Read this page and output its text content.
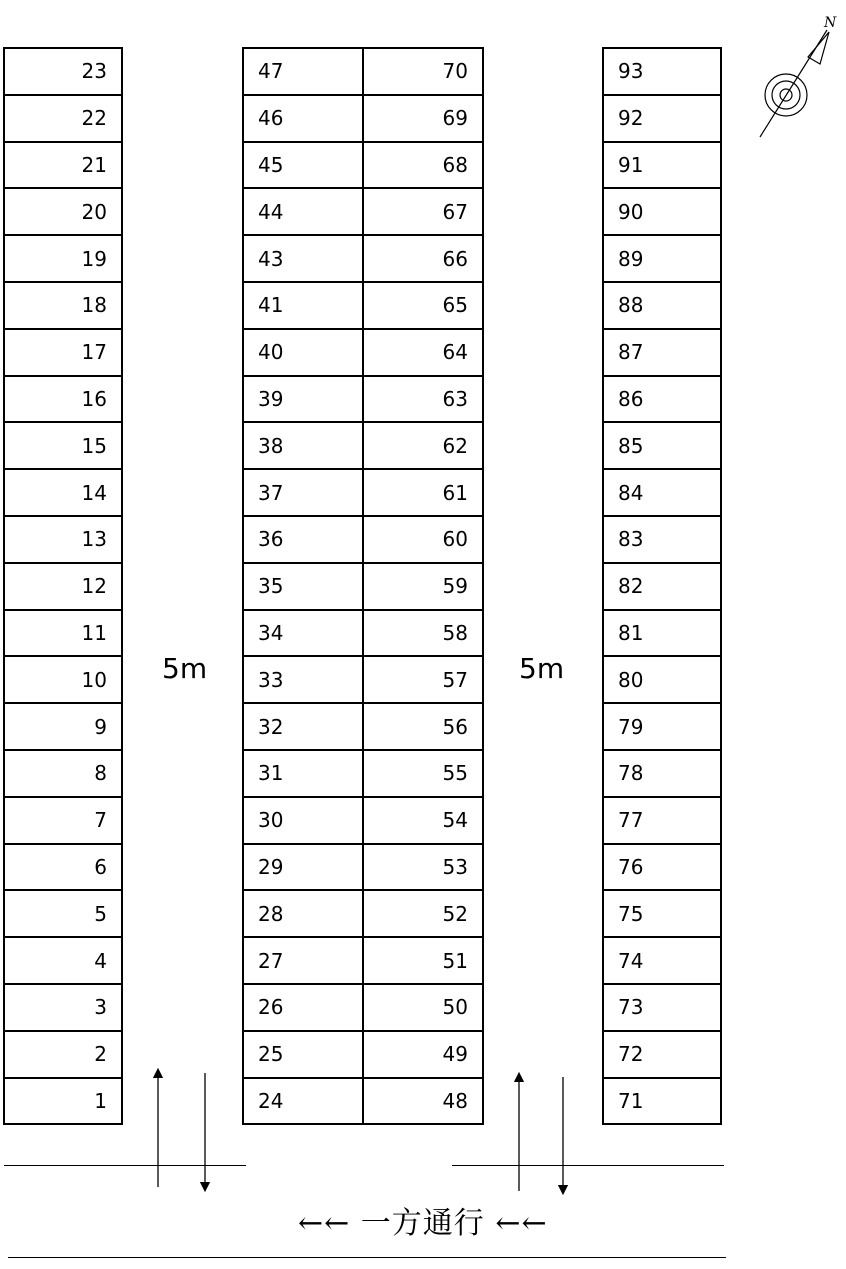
23
22
21
20
19
18
17
16
15
14
13
12
11
10
9
8
7
6
5
4
3
2
1
47
46
45
44
43
41
40
39
38
37
36
35
34
33
32
31
30
29
28
27
26
25
24
70
69
68
67
66
65
64
63
62
61
60
59
58
57
56
55
54
53
52
51
50
49
48
93
92
91
90
89
88
87
86
85
84
83
82
81
80
79
78
77
76
75
74
73
72
71
5m	5m
←← 一方通行 ←←
N
